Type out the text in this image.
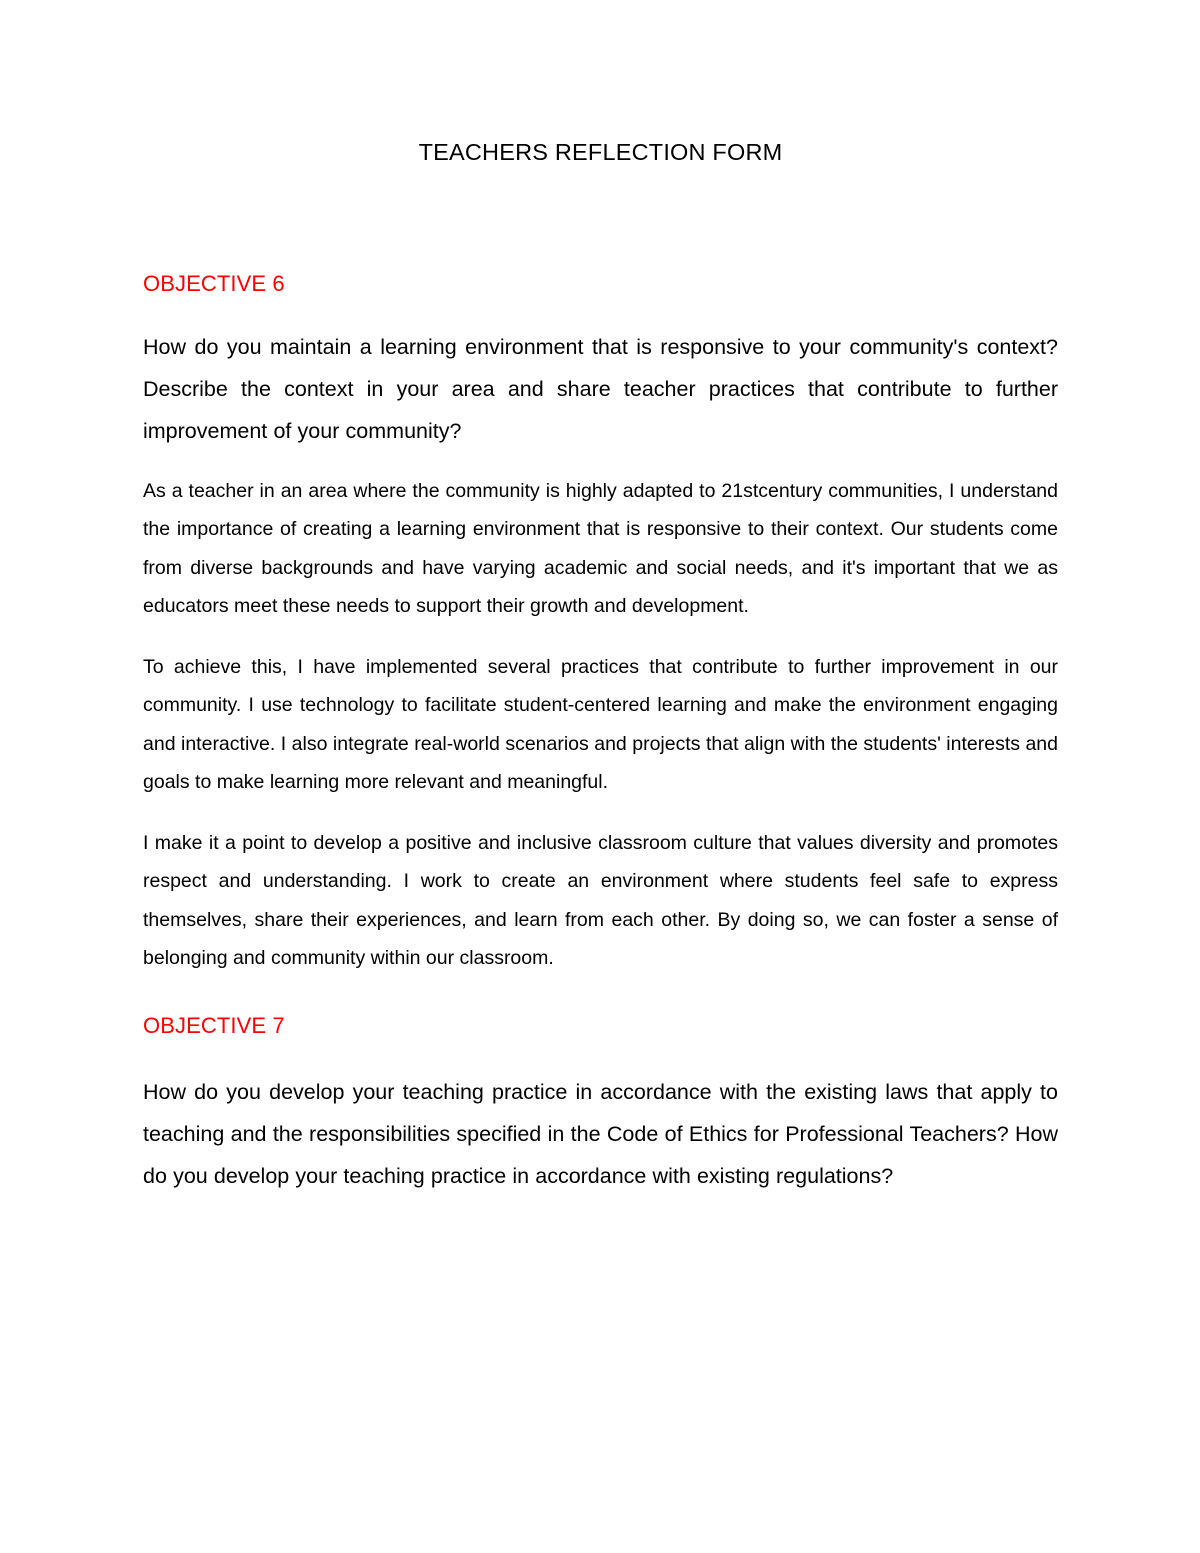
TEACHERS REFLECTION FORM
OBJECTIVE 6

How do you maintain a learning environment that is responsive to your community's context? Describe the context in your area and share teacher practices that contribute to further improvement of your community?

As a teacher in an area where the community is highly adapted to 21stcentury communities, I understand the importance of creating a learning environment that is responsive to their context. Our students come from diverse backgrounds and have varying academic and social needs, and it's important that we as educators meet these needs to support their growth and development.

To achieve this, I have implemented several practices that contribute to further improvement in our community. I use technology to facilitate student-centered learning and make the environment engaging and interactive. I also integrate real-world scenarios and projects that align with the students' interests and goals to make learning more relevant and meaningful.

I make it a point to develop a positive and inclusive classroom culture that values diversity and promotes respect and understanding. I work to create an environment where students feel safe to express themselves, share their experiences, and learn from each other. By doing so, we can foster a sense of belonging and community within our classroom.

OBJECTIVE 7

How do you develop your teaching practice in accordance with the existing laws that apply to teaching and the responsibilities specified in the Code of Ethics for Professional Teachers? How do you develop your teaching practice in accordance with existing regulations?
